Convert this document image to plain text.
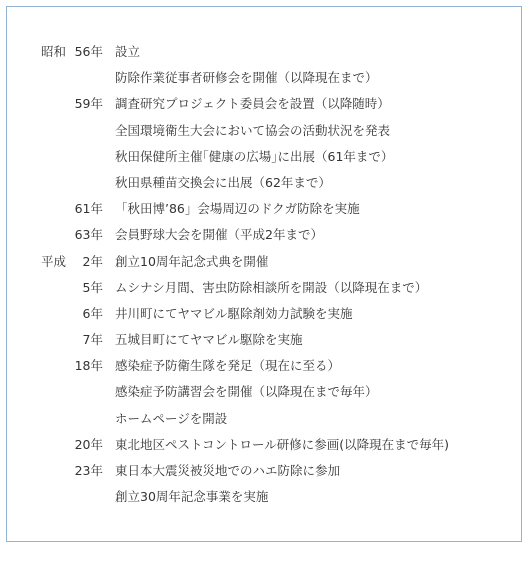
昭和 56年 設立
防除作業従事者研修会を開催（以降現在まで）
59年 調査研究プロジェクト委員会を設置（以降随時）
全国環境衛生大会において協会の活動状況を発表
秋田保健所主催｢健康の広場｣に出展（61年まで）
秋田県種苗交換会に出展（62年まで）
61年 「秋田博’86」会場周辺のドクガ防除を実施
63年 会員野球大会を開催（平成2年まで）
平成	2年 創立10周年記念式典を開催
5年 ムシナシ月間、害虫防除相談所を開設（以降現在まで）
6年 井川町にてヤマビル駆除剤効力試験を実施
7年 五城目町にてヤマビル駆除を実施
18年 感染症予防衛生隊を発足（現在に至る）
感染症予防講習会を開催（以降現在まで毎年）
ホームページを開設
20年 東北地区ペストコントロール研修に参画(以降現在まで毎年)
23年 東日本大震災被災地でのハエ防除に参加
創立30周年記念事業を実施
